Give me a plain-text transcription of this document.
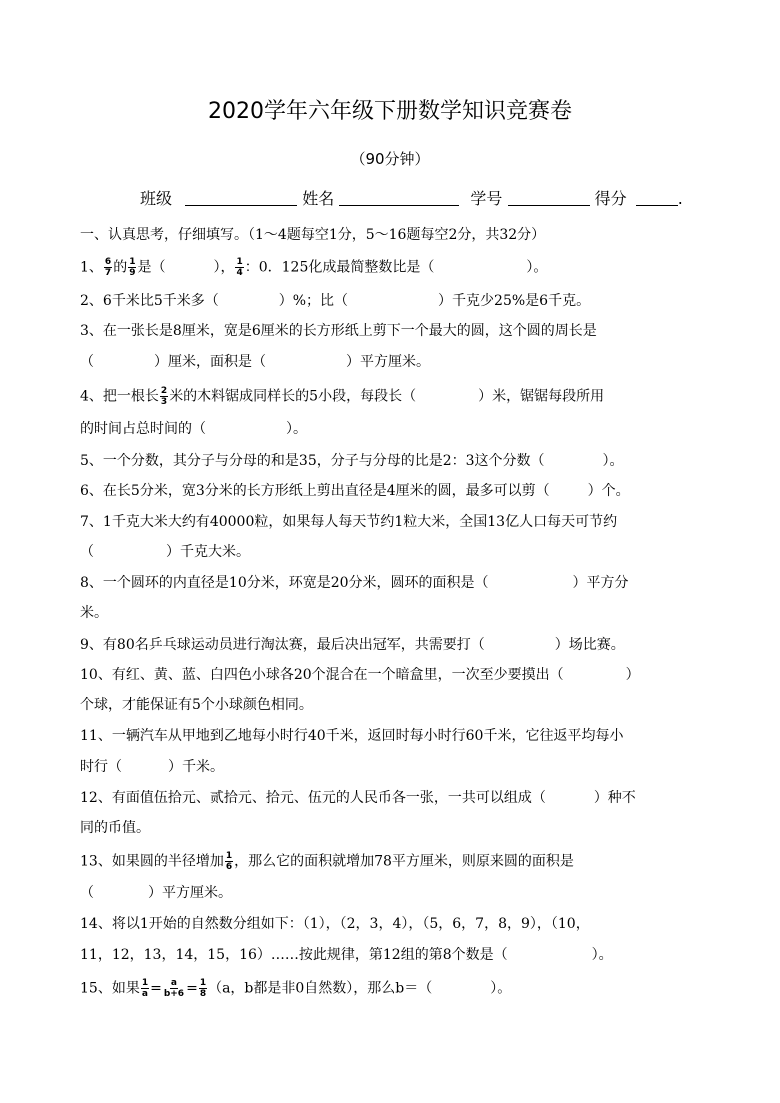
2020学年六年级下册数学知识竞赛卷
（90分钟）
班级	姓名	学号	得分	.
一、认真思考，仔细填写。（1～4题每空1分，5～16题每空2分，共32分）
1、 $\frac{6}{7}$ 的 $\frac{1}{9}$ 是（	）， $\frac{1}{4}$ ：0．125化成最简整数比是（	）。
2、6千米比5千米多（	）%；比（	）千克少25%是6千克。
3、在一张长是8厘米，宽是6厘米的长方形纸上剪下一个最大的圆，这个圆的周长是
（	）厘米，面积是（	）平方厘米。
4、把一根长 $\frac{2}{3}$ 米的木料锯成同样长的5小段，每段长（	）米，锯锯每段所用
的时间占总时间的（	）。
5、一个分数，其分子与分母的和是35，分子与分母的比是2：3这个分数（	）。
6、在长5分米，宽3分米的长方形纸上剪出直径是4厘米的圆，最多可以剪（	）个。
7、1千克大米大约有40000粒，如果每人每天节约1粒大米，全国13亿人口每天可节约
（	）千克大米。
8、一个圆环的内直径是10分米，环宽是20分米，圆环的面积是（	）平方分
米。
9、有80名乒乓球运动员进行淘汰赛，最后决出冠军，共需要打（	）场比赛。
10、有红、黄、蓝、白四色小球各20个混合在一个暗盒里，一次至少要摸出（	）
个球，才能保证有5个小球颜色相同。
11、一辆汽车从甲地到乙地每小时行40千米，返回时每小时行60千米，它往返平均每小
时行（	）千米。
12、有面值伍拾元、贰拾元、拾元、伍元的人民币各一张，一共可以组成（	）种不
同的币值。
13、如果圆的半径增加 $\frac{1}{6}$ ，那么它的面积就增加78平方厘米，则原来圆的面积是
（	）平方厘米。
14、将以1开始的自然数分组如下：（1），（2，3，4），（5，6，7，8，9），（10，
11，12，13，14，15，16）……按此规律，第12组的第8个数是（	）。
15、如果 $\frac{1}{a} = \frac{a}{b+6} = \frac{1}{8} (a$，b都是非0自然数），那么b＝（	）。
